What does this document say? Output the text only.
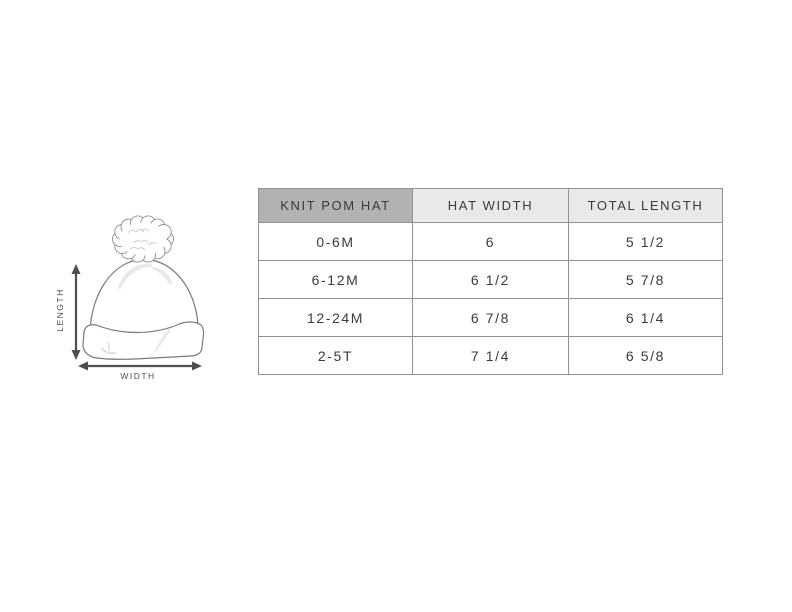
LENGTH
WIDTH
KNIT POM HAT	HAT WIDTH	TOTAL LENGTH
0-6M	6	5 1/2
6-12M	6 1/2	5 7/8
12-24M	6 7/8	6 1/4
2-5T	7 1/4	6 5/8
